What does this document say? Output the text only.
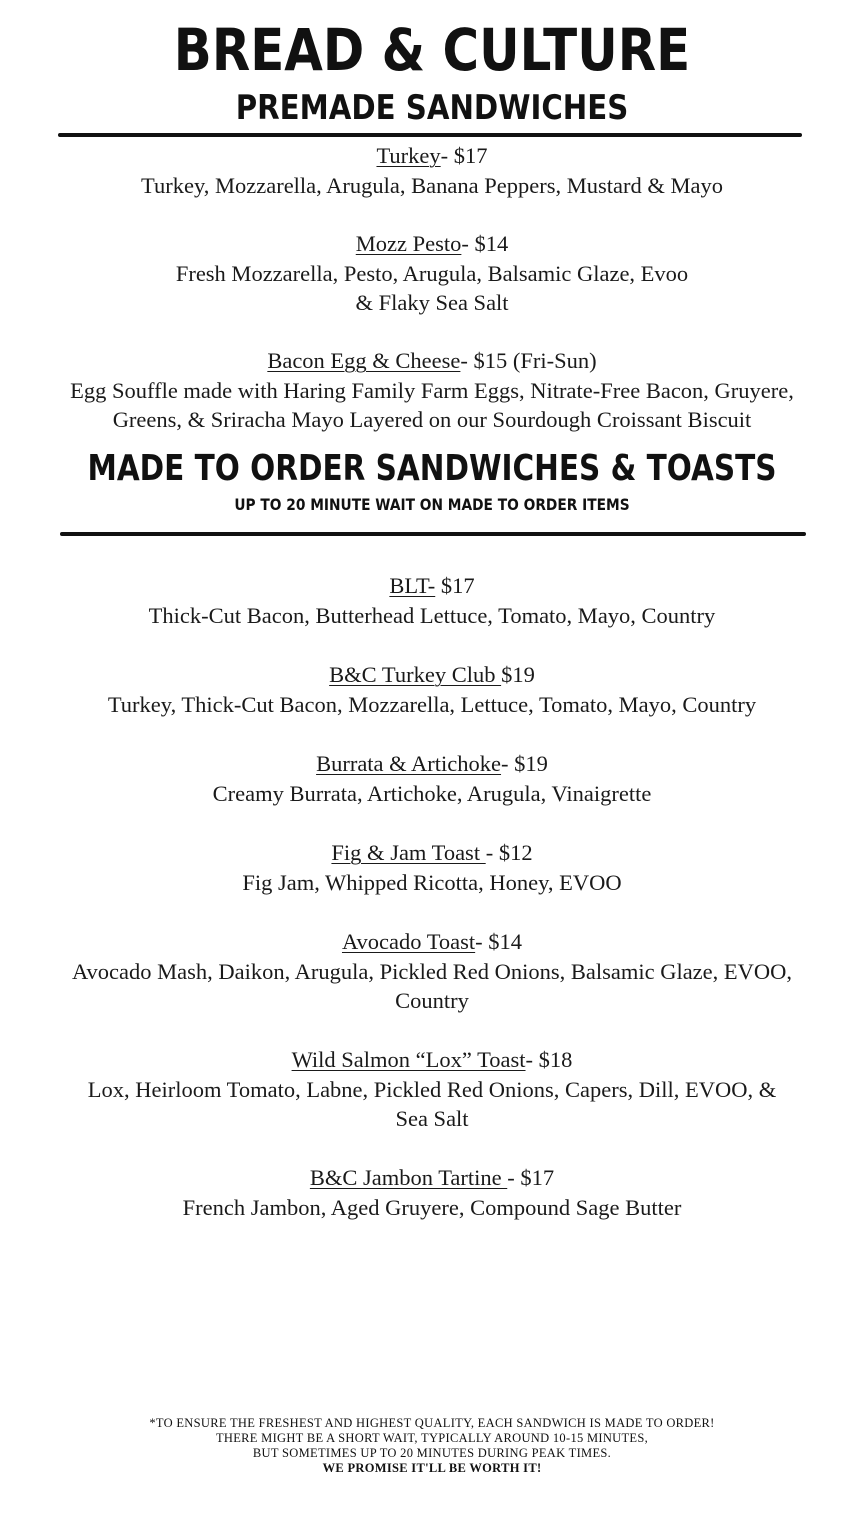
BREAD & CULTURE
PREMADE SANDWICHES
Turkey- $17
Turkey, Mozzarella, Arugula, Banana Peppers, Mustard & Mayo
Mozz Pesto- $14
Fresh Mozzarella, Pesto, Arugula, Balsamic Glaze, Evoo
& Flaky Sea Salt
Bacon Egg & Cheese- $15 (Fri-Sun)
Egg Souffle made with Haring Family Farm Eggs, Nitrate-Free Bacon, Gruyere,
Greens, & Sriracha Mayo Layered on our Sourdough Croissant Biscuit
MADE TO ORDER SANDWICHES & TOASTS
UP TO 20 MINUTE WAIT ON MADE TO ORDER ITEMS
BLT- $17
Thick-Cut Bacon, Butterhead Lettuce, Tomato, Mayo, Country
B&C Turkey Club $19
Turkey, Thick-Cut Bacon, Mozzarella, Lettuce, Tomato, Mayo, Country
Burrata & Artichoke- $19
Creamy Burrata, Artichoke, Arugula, Vinaigrette
Fig & Jam Toast - $12
Fig Jam, Whipped Ricotta, Honey, EVOO
Avocado Toast- $14
Avocado Mash, Daikon, Arugula, Pickled Red Onions, Balsamic Glaze, EVOO,
Country
Wild Salmon “Lox” Toast- $18
Lox, Heirloom Tomato, Labne, Pickled Red Onions, Capers, Dill, EVOO, &
Sea Salt
B&C Jambon Tartine - $17
French Jambon, Aged Gruyere, Compound Sage Butter
*TO ENSURE THE FRESHEST AND HIGHEST QUALITY, EACH SANDWICH IS MADE TO ORDER!
THERE MIGHT BE A SHORT WAIT, TYPICALLY AROUND 10-15 MINUTES,
BUT SOMETIMES UP TO 20 MINUTES DURING PEAK TIMES.
WE PROMISE IT'LL BE WORTH IT!
